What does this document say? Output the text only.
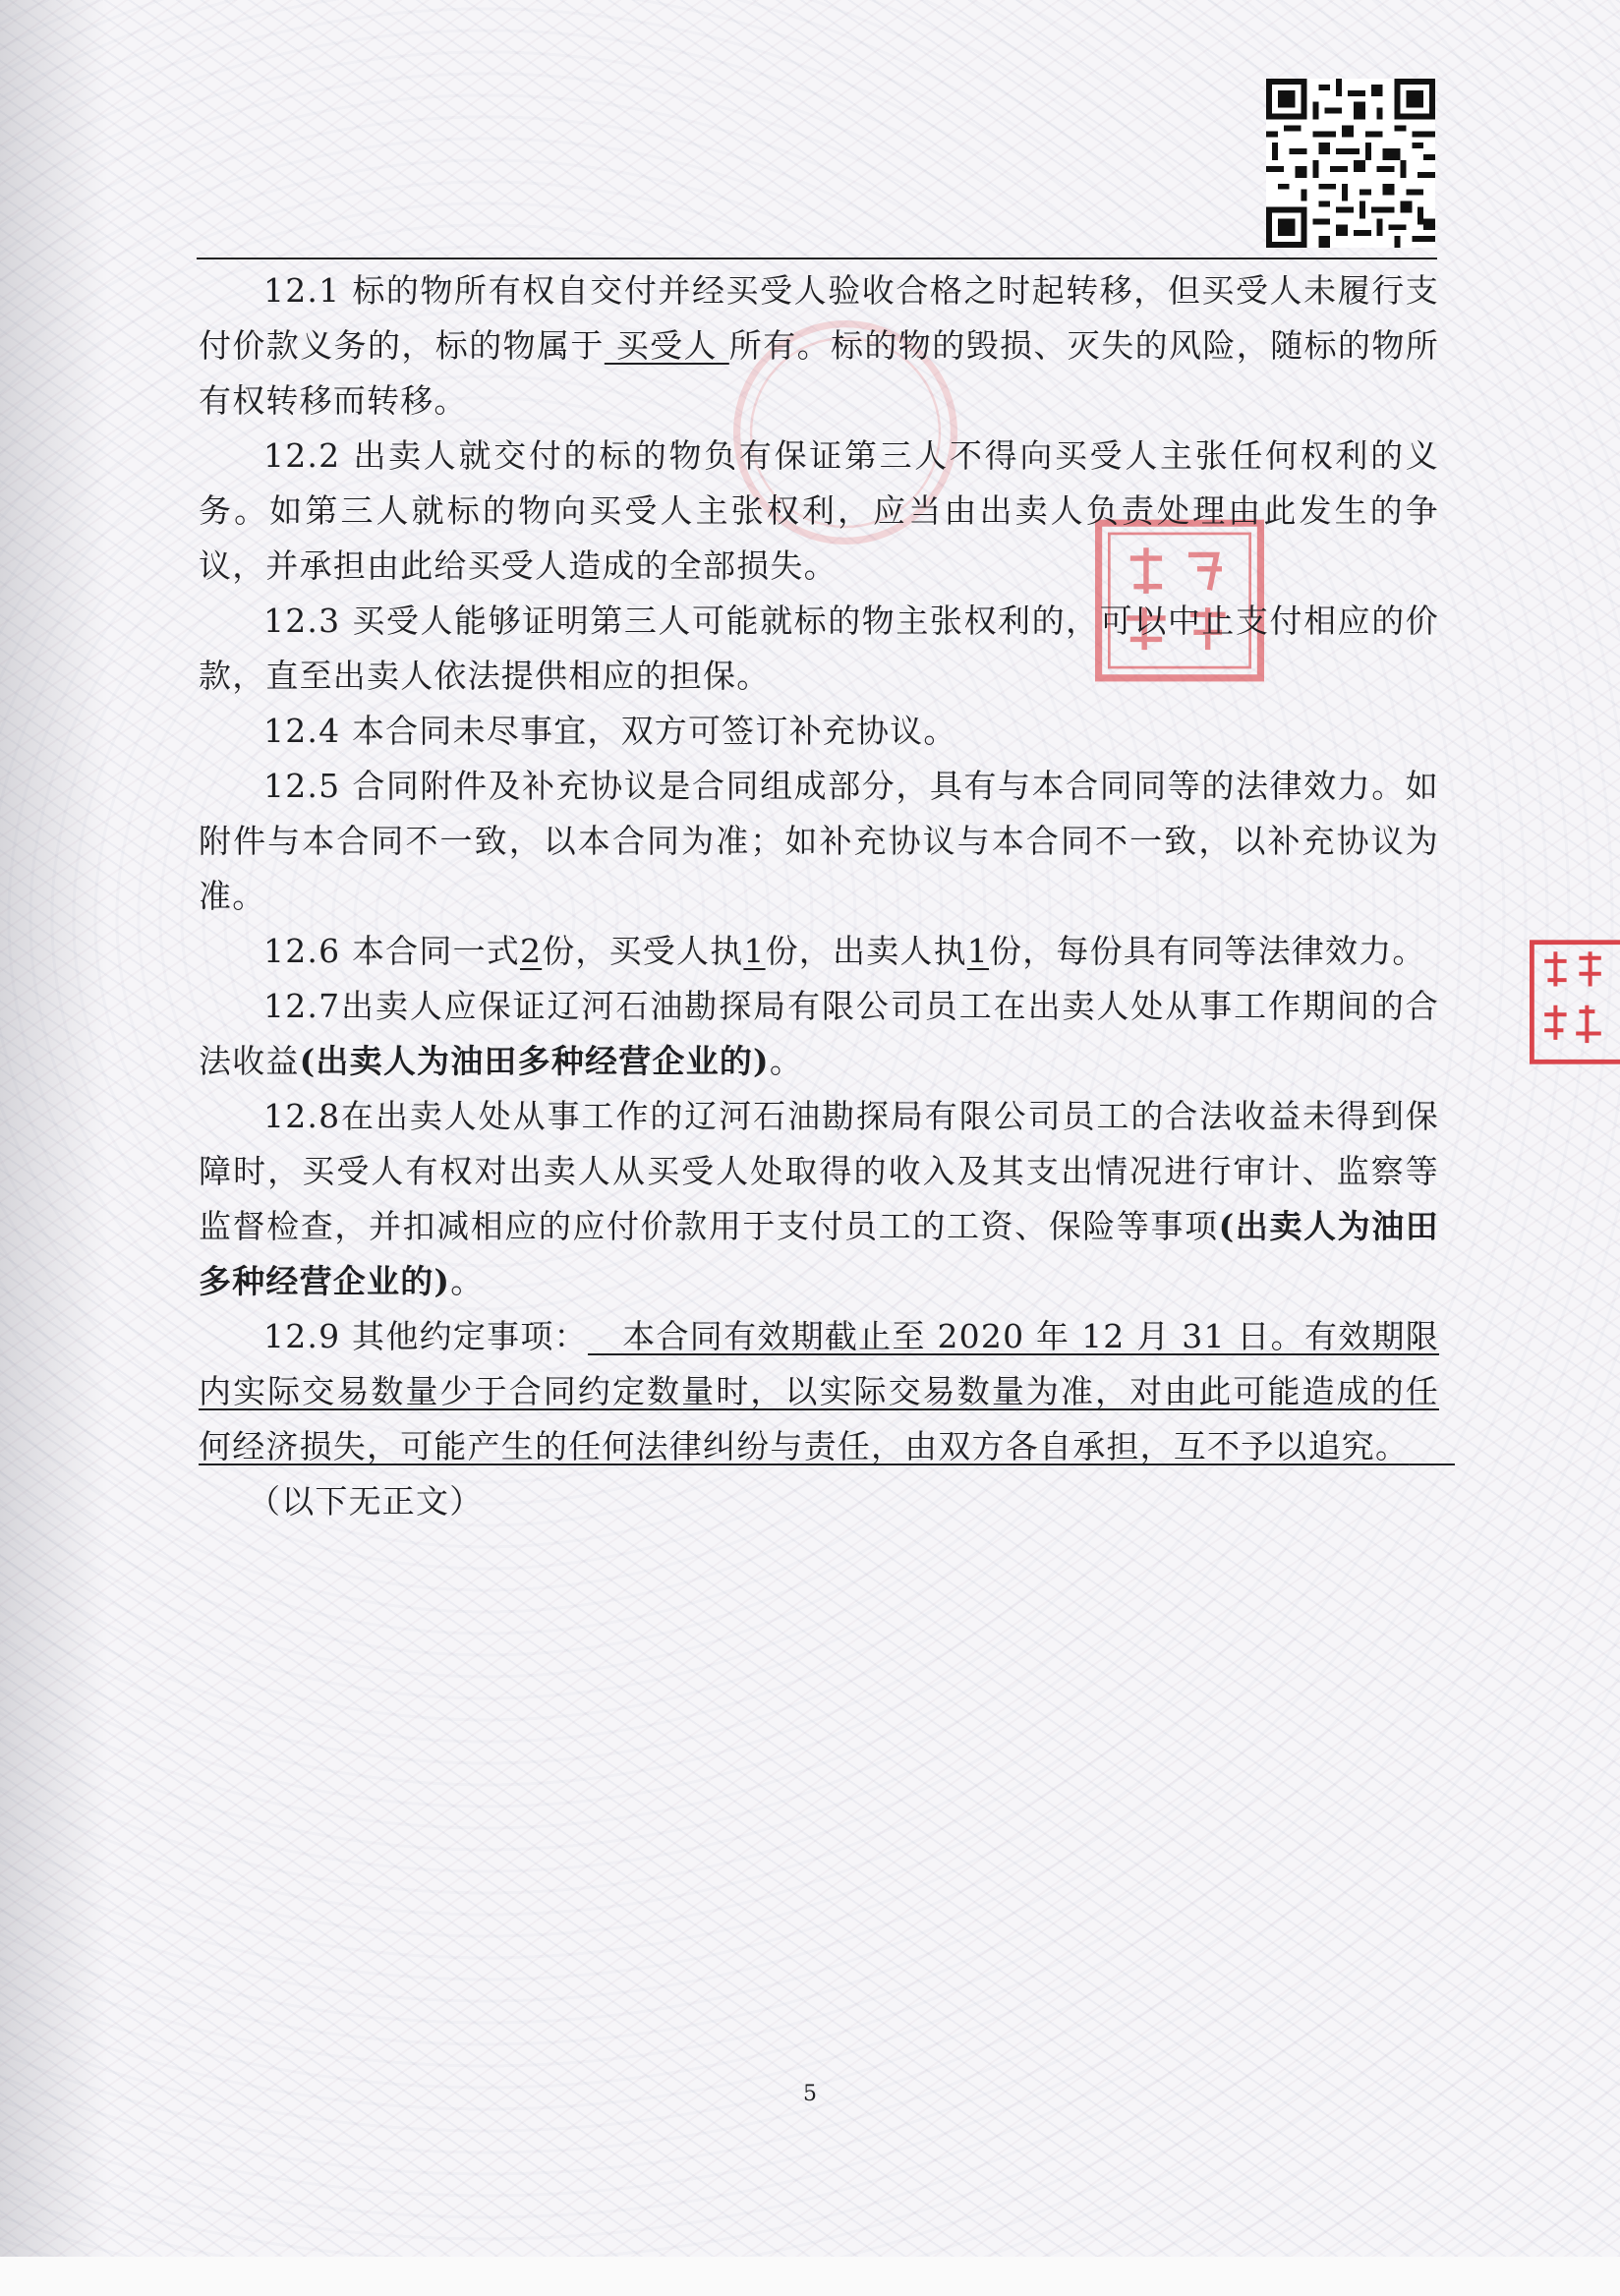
12.1 标的物所有权自交付并经买受人验收合格之时起转移，但买受人未履行支付价款义务的，标的物属于 买受人 所有。标的物的毁损、灭失的风险，随标的物所有权转移而转移。

12.2 出卖人就交付的标的物负有保证第三人不得向买受人主张任何权利的义务。如第三人就标的物向买受人主张权利，应当由出卖人负责处理由此发生的争议，并承担由此给买受人造成的全部损失。

12.3 买受人能够证明第三人可能就标的物主张权利的，可以中止支付相应的价款，直至出卖人依法提供相应的担保。

12.4 本合同未尽事宜，双方可签订补充协议。

12.5 合同附件及补充协议是合同组成部分，具有与本合同同等的法律效力。如附件与本合同不一致，以本合同为准；如补充协议与本合同不一致，以补充协议为准。

12.6 本合同一式2份，买受人执1份，出卖人执1份，每份具有同等法律效力。

12.7出卖人应保证辽河石油勘探局有限公司员工在出卖人处从事工作期间的合法收益(出卖人为油田多种经营企业的)。

12.8在出卖人处从事工作的辽河石油勘探局有限公司员工的合法收益未得到保障时，买受人有权对出卖人从买受人处取得的收入及其支出情况进行审计、监察等监督检查，并扣减相应的应付价款用于支付员工的工资、保险等事项(出卖人为油田多种经营企业的)。

12.9 其他约定事项：   本合同有效期截止至 2020 年 12 月 31 日。有效期限内实际交易数量少于合同约定数量时，以实际交易数量为准，对由此可能造成的任何经济损失，可能产生的任何法律纠纷与责任，由双方各自承担，互不予以追究。

（以下无正文）

5
